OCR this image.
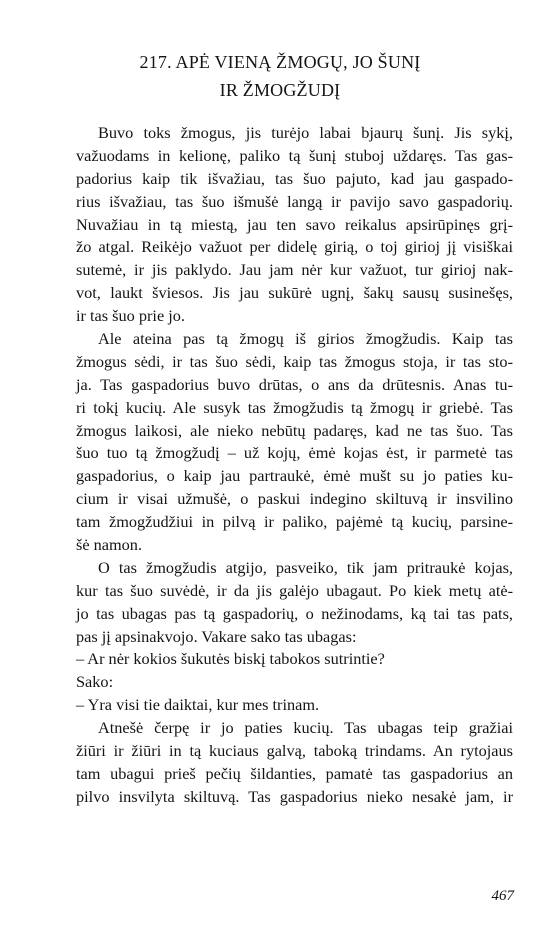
217. APĖ VIENĄ ŽMOGŲ, JO ŠUNĮ
IR ŽMOGŽUDĮ
Buvo toks žmogus, jis turėjo labai bjaurų šunį. Jis sykį,
važuodams in kelionę, paliko tą šunį stuboj uždaręs. Tas gas-
padorius kaip tik išvažiau, tas šuo pajuto, kad jau gaspado-
rius išvažiau, tas šuo išmušė langą ir pavijo savo gaspadorių.
Nuvažiau in tą miestą, jau ten savo reikalus apsirūpinęs grį-
žo atgal. Reikėjo važuot per didelę girią, o toj girioj jį visiškai
sutemė, ir jis paklydo. Jau jam nėr kur važuot, tur girioj nak-
vot, laukt šviesos. Jis jau sukūrė ugnį, šakų sausų susinešęs,
ir tas šuo prie jo.
Ale ateina pas tą žmogų iš girios žmogžudis. Kaip tas
žmogus sėdi, ir tas šuo sėdi, kaip tas žmogus stoja, ir tas sto-
ja. Tas gaspadorius buvo drūtas, o ans da drūtesnis. Anas tu-
ri tokį kucių. Ale susyk tas žmogžudis tą žmogų ir griebė. Tas
žmogus laikosi, ale nieko nebūtų padaręs, kad ne tas šuo. Tas
šuo tuo tą žmogžudį – už kojų, ėmė kojas ėst, ir parmetė tas
gaspadorius, o kaip jau partraukė, ėmė mušt su jo paties ku-
cium ir visai užmušė, o paskui indegino skiltuvą ir insvilino
tam žmogžudžiui in pilvą ir paliko, pajėmė tą kucių, parsine-
šė namon.
O tas žmogžudis atgijo, pasveiko, tik jam pritraukė kojas,
kur tas šuo suvėdė, ir da jis galėjo ubagaut. Po kiek metų atė-
jo tas ubagas pas tą gaspadorių, o nežinodams, ką tai tas pats,
pas jį apsinakvojo. Vakare sako tas ubagas:
– Ar nėr kokios šukutės biskį tabokos sutrintie?
Sako:
– Yra visi tie daiktai, kur mes trinam.
Atnešė čerpę ir jo paties kucių. Tas ubagas teip gražiai
žiūri ir žiūri in tą kuciaus galvą, taboką trindams. An rytojaus
tam ubagui prieš pečių šildanties, pamatė tas gaspadorius an
pilvo insvilyta skiltuvą. Tas gaspadorius nieko nesakė jam, ir
467
